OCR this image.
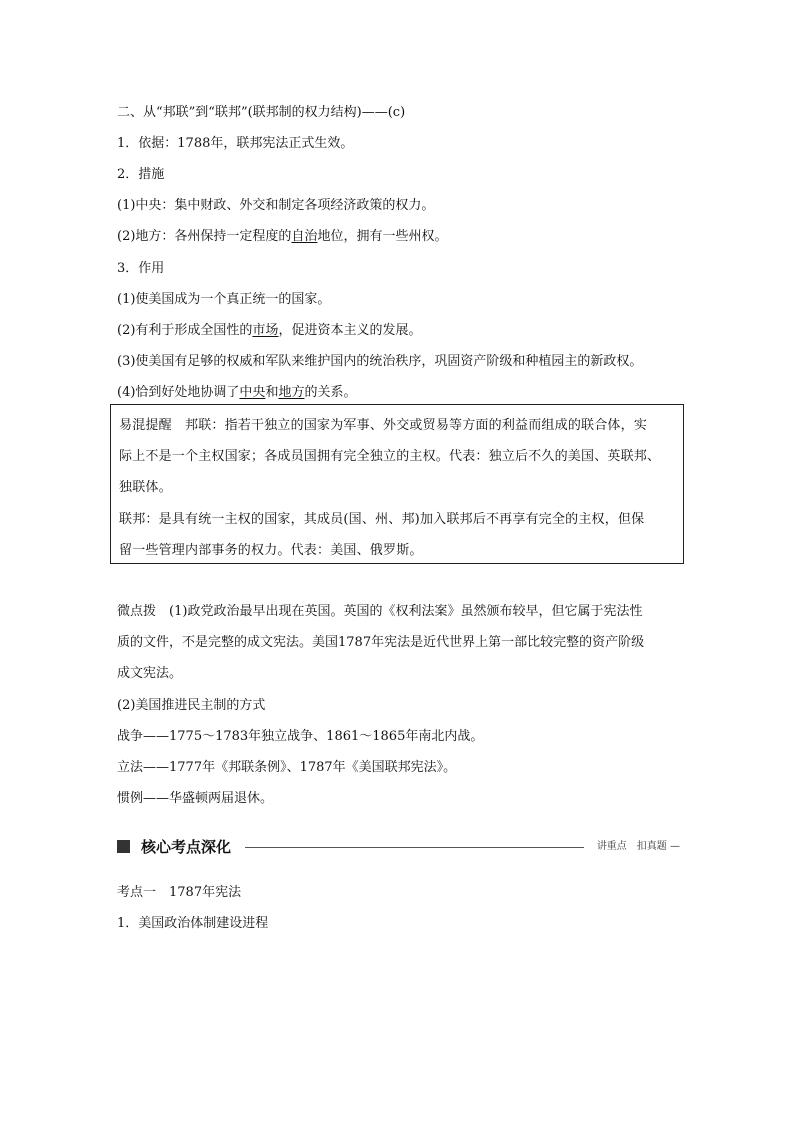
二、从“邦联”到“联邦”(联邦制的权力结构)——(c)
1．依据：1788年，联邦宪法正式生效。
2．措施
(1)中央：集中财政、外交和制定各项经济政策的权力。
(2)地方：各州保持一定程度的自治地位，拥有一些州权。
3．作用
(1)使美国成为一个真正统一的国家。
(2)有利于形成全国性的市场，促进资本主义的发展。
(3)使美国有足够的权威和军队来维护国内的统治秩序，巩固资产阶级和种植园主的新政权。
(4)恰到好处地协调了中央和地方的关系。
易混提醒　 邦联：指若干独立的国家为军事、外交或贸易等方面的利益而组成的联合体，实
际上不是一个主权国家；各成员国拥有完全独立的主权。代表：独立后不久的美国、英联邦、
独联体。
联邦：是具有统一主权的国家，其成员(国、州、邦)加入联邦后不再享有完全的主权，但保
留一些管理内部事务的权力。代表：美国、俄罗斯。
微点拨　 (1)政党政治最早出现在英国。英国的《权利法案》虽然颁布较早，但它属于宪法性
质的文件，不是完整的成文宪法。美国1787年宪法是近代世界上第一部比较完整的资产阶级
成文宪法。
(2)美国推进民主制的方式
战争——1775～1783年独立战争、1861～1865年南北内战。
立法——1777年《邦联条例》、1787年《美国联邦宪法》。
惯例——华盛顿两届退休。
核心考点深化	讲重点　扣真题 —
考点一　1787年宪法
1．美国政治体制建设进程
